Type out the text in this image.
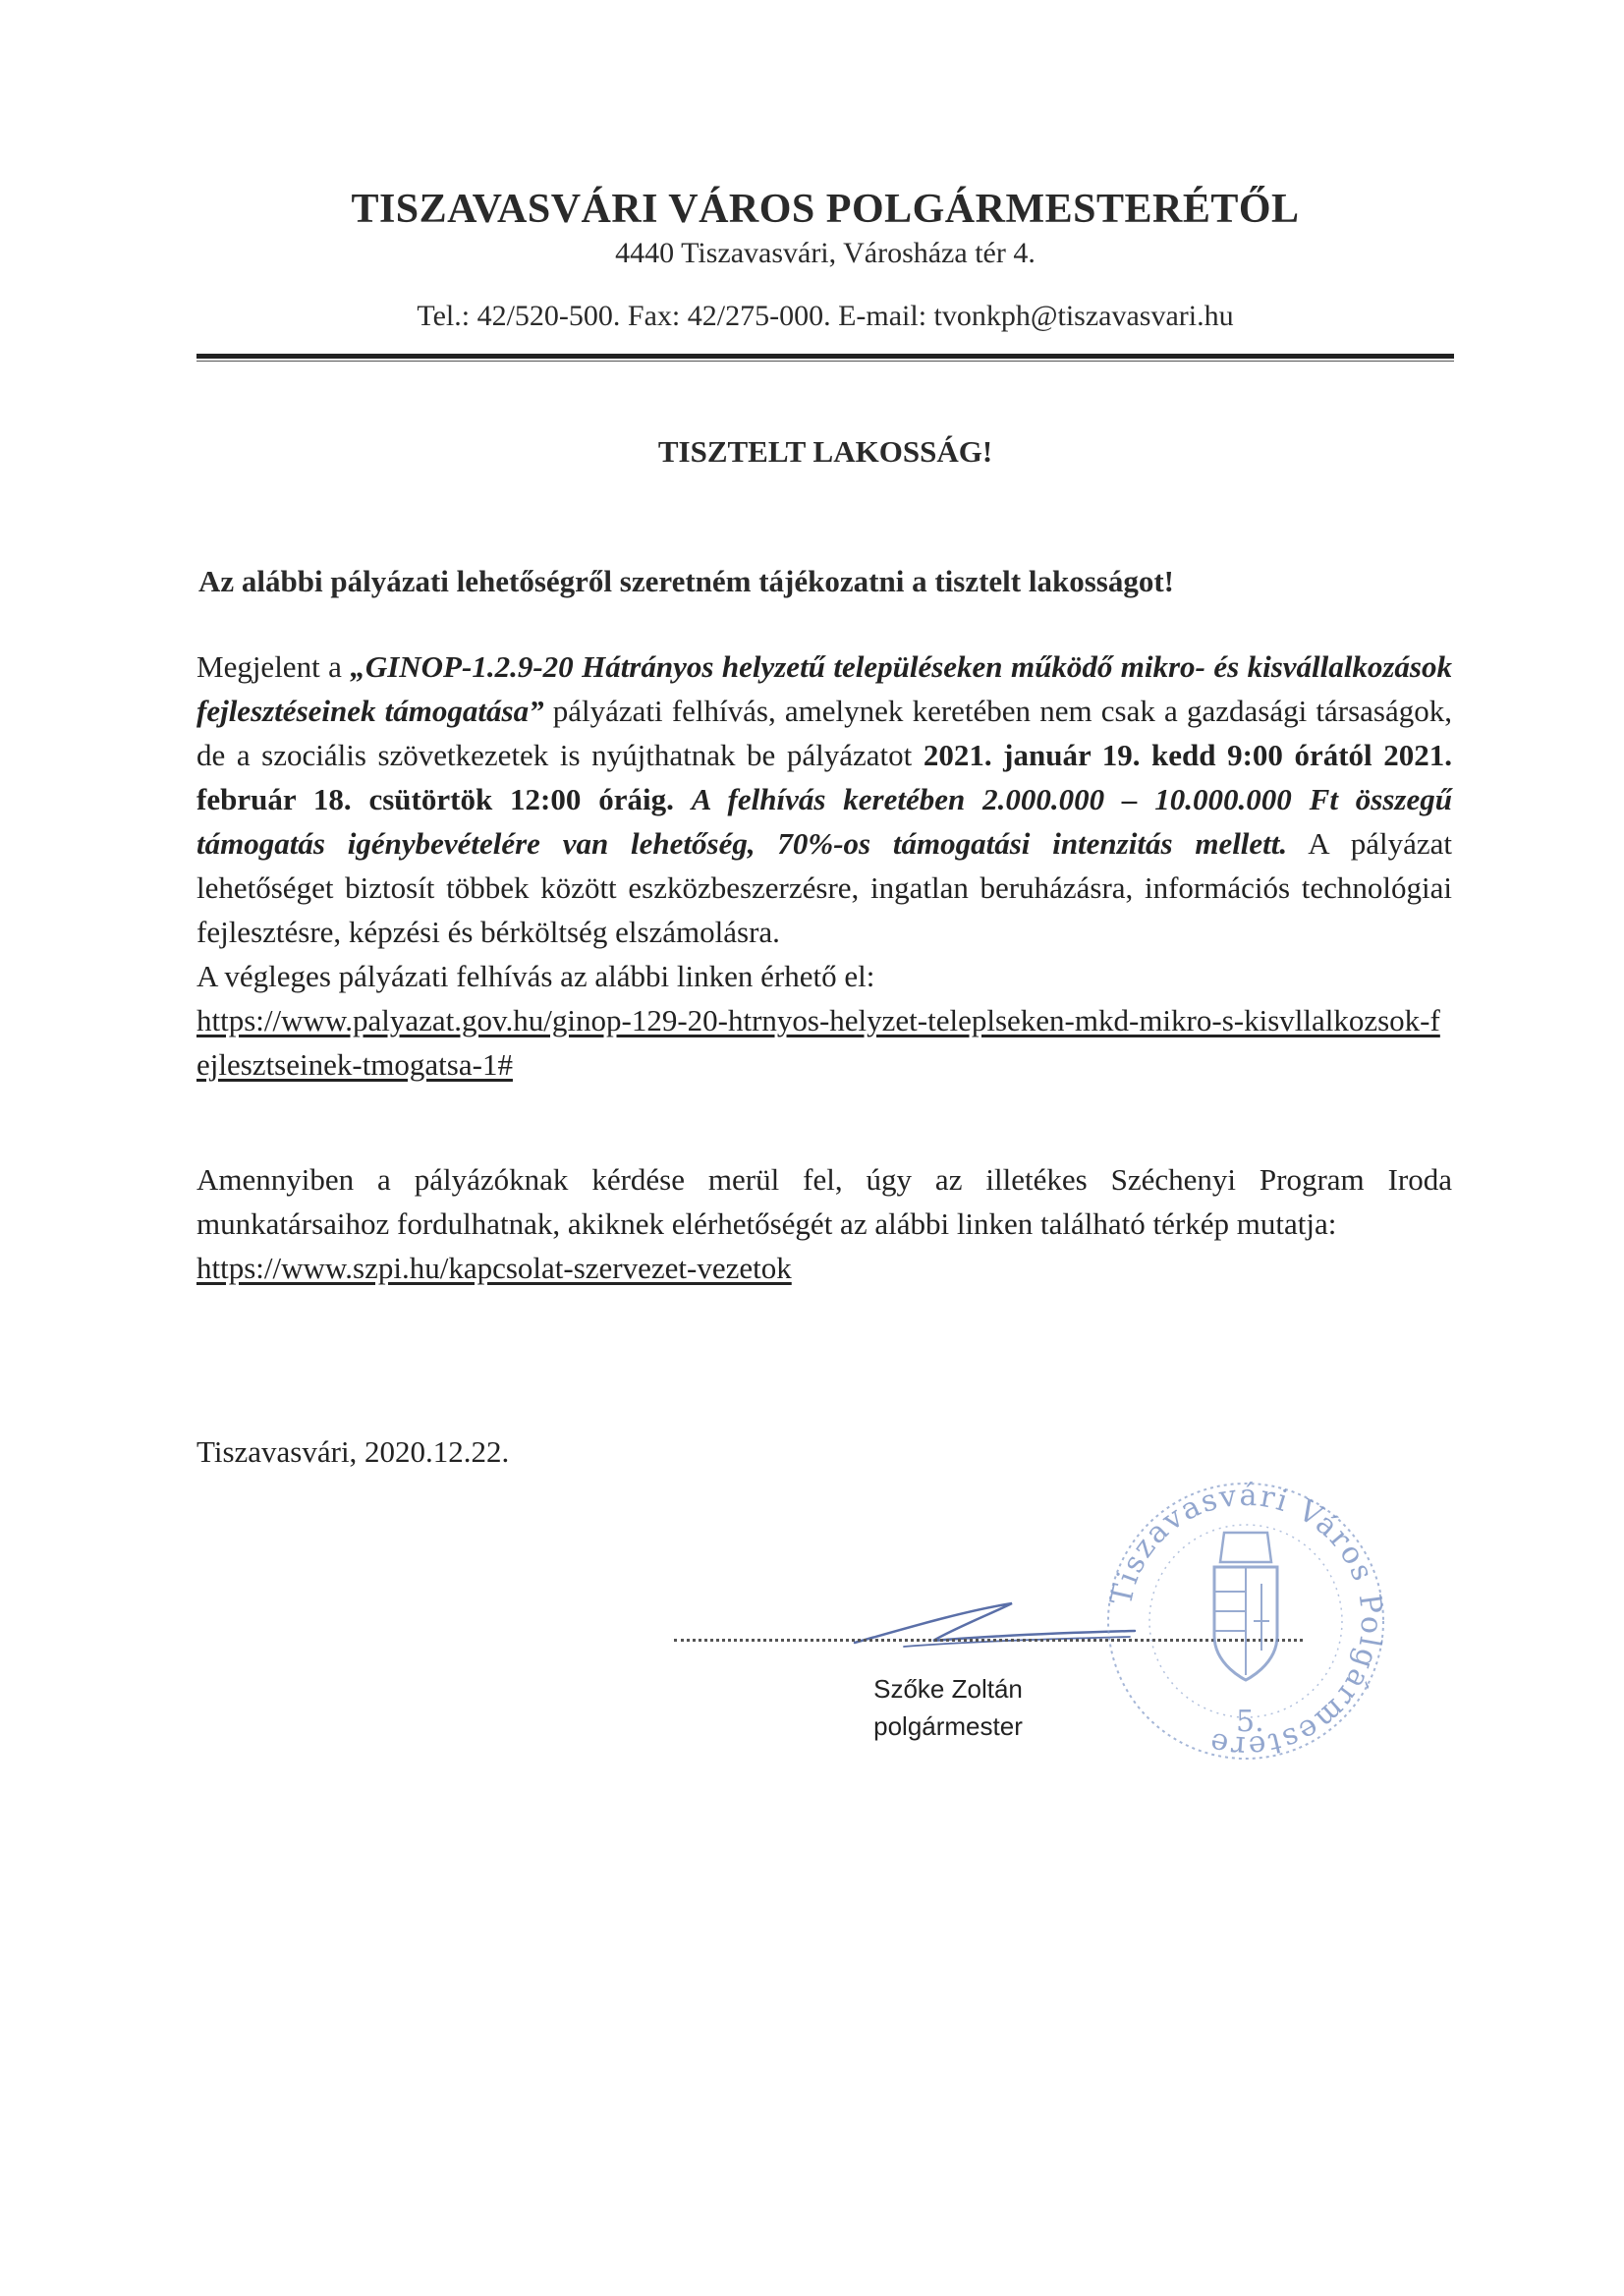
TISZAVASVÁRI VÁROS POLGÁRMESTERÉTŐL
4440 Tiszavasvári, Városháza tér 4.
Tel.: 42/520-500. Fax: 42/275-000. E-mail: tvonkph@tiszavasvari.hu
TISZTELT LAKOSSÁG!
Az alábbi pályázati lehetőségről szeretném tájékozatni a tisztelt lakosságot!

Megjelent a „GINOP-1.2.9-20 Hátrányos helyzetű településeken működő mikro- és kisvállalkozások fejlesztéseinek támogatása” pályázati felhívás, amelynek keretében nem csak a gazdasági társaságok, de a szociális szövetkezetek is nyújthatnak be pályázatot 2021. január 19. kedd 9:00 órától 2021. február 18. csütörtök 12:00 óráig. A felhívás keretében 2.000.000 – 10.000.000 Ft összegű támogatás igénybevételére van lehetőség, 70%-os támogatási intenzitás mellett. A pályázat lehetőséget biztosít többek között eszközbeszerzésre, ingatlan beruházásra, információs technológiai fejlesztésre, képzési és bérköltség elszámolásra.

A végleges pályázati felhívás az alábbi linken érhető el:

https://www.palyazat.gov.hu/ginop-129-20-htrnyos-helyzet-teleplseken-mkd-mikro-s-kisvllalkozsok-fejlesztseinek-tmogatsa-1#

Amennyiben a pályázóknak kérdése merül fel, úgy az illetékes Széchenyi Program Iroda munkatársaihoz fordulhatnak, akiknek elérhetőségét az alábbi linken található térkép mutatja:

https://www.szpi.hu/kapcsolat-szervezet-vezetok

Tiszavasvári, 2020.12.22.
Szőke Zoltán
polgármester
Tiszavasvári Város Polgármestere
5.
